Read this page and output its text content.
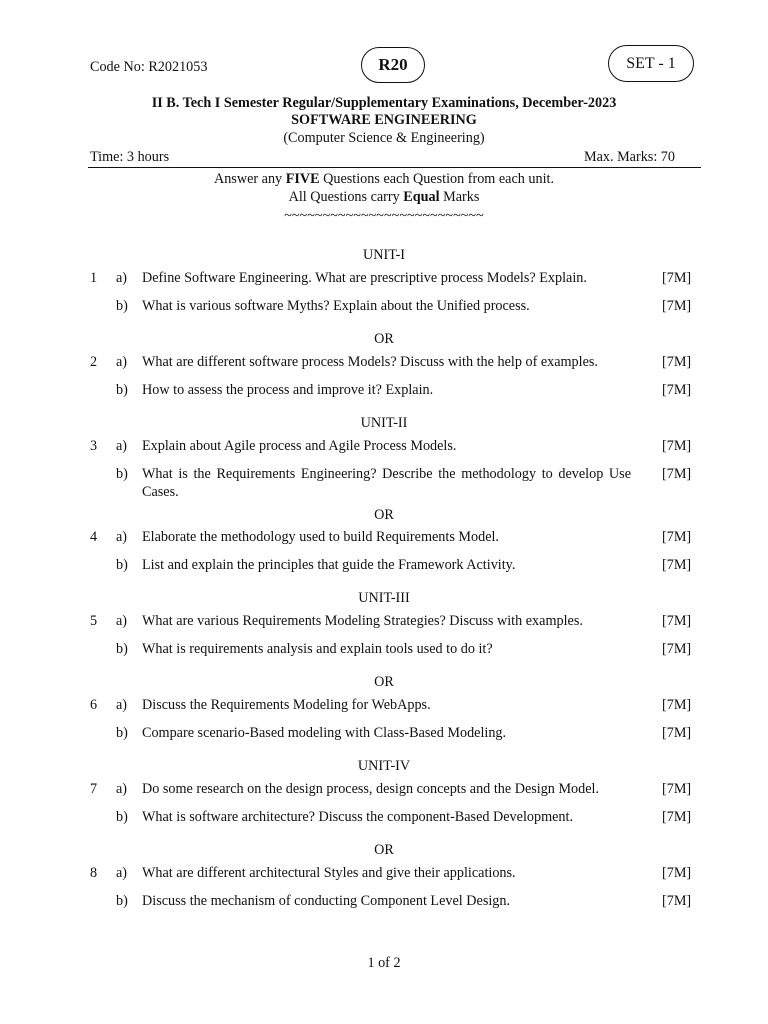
Code No: R2021053	R20	SET - 1
II B. Tech I Semester Regular/Supplementary Examinations, December-2023
SOFTWARE ENGINEERING
(Computer Science & Engineering)
Time: 3 hours	Max. Marks: 70
Answer any FIVE Questions each Question from each unit.
All Questions carry Equal Marks
~~~~~~~~~~~~~~~~~~~~~~~~~~
UNIT-I
1 a) Define Software Engineering. What are prescriptive process Models? Explain.	[7M]
b) What is various software Myths? Explain about the Unified process.	[7M]
OR
2 a) What are different software process Models? Discuss with the help of examples.	[7M]
b) How to assess the process and improve it? Explain.	[7M]
UNIT-II
3 a) Explain about Agile process and Agile Process Models.	[7M]
b) What is the Requirements Engineering? Describe the methodology to develop Use Cases.
[7M]
OR
4 a) Elaborate the methodology used to build Requirements Model.	[7M]
b) List and explain the principles that guide the Framework Activity.	[7M]
UNIT-III
5 a) What are various Requirements Modeling Strategies? Discuss with examples.	[7M]
b) What is requirements analysis and explain tools used to do it?	[7M]
OR
6 a) Discuss the Requirements Modeling for WebApps.	[7M]
b) Compare scenario-Based modeling with Class-Based Modeling.	[7M]
UNIT-IV
7 a) Do some research on the design process, design concepts and the Design Model.	[7M]
b) What is software architecture? Discuss the component-Based Development.	[7M]
OR
8 a) What are different architectural Styles and give their applications.	[7M]
b) Discuss the mechanism of conducting Component Level Design.	[7M]
1 of 2
